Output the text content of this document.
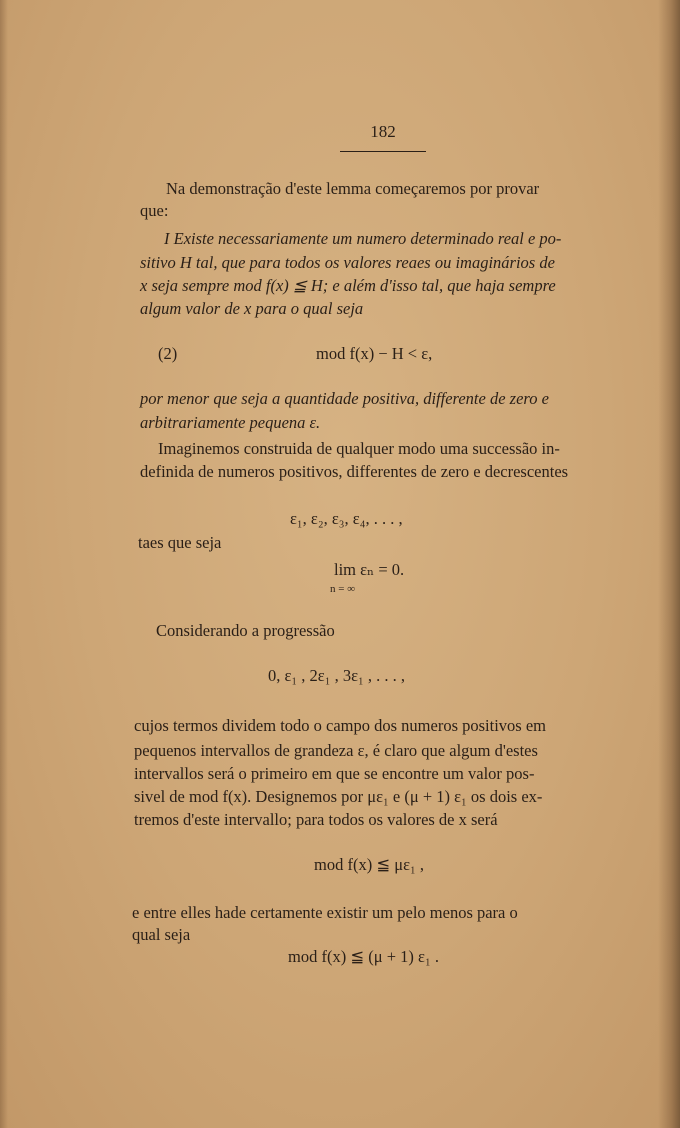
182
Na demonstração d'este lemma começaremos por provar
que:
I Existe necessariamente um numero determinado real e po-
sitivo H tal, que para todos os valores reaes ou imaginários de
x seja sempre mod f(x) ≦ H; e além d'isso tal, que haja sempre
algum valor de x para o qual seja
(2)	mod f(x) − H < ε,
por menor que seja a quantidade positiva, differente de zero e
arbitrariamente pequena ε.
Imaginemos construida de qualquer modo uma successão in-
definida de numeros positivos, differentes de zero e decrescentes
ε₁, ε₂, ε₃, ε₄, . . . ,
taes que seja
lim εₙ = 0.
n = ∞
Considerando a progressão
0, ε₁ , 2ε₁ , 3ε₁ , . . . ,
cujos termos dividem todo o campo dos numeros positivos em
pequenos intervallos de grandeza ε, é claro que algum d'estes
intervallos será o primeiro em que se encontre um valor pos-
sivel de mod f(x). Designemos por με₁ e (μ + 1) ε₁ os dois ex-
tremos d'este intervallo; para todos os valores de x será
mod f(x) ≦ με₁ ,
e entre elles hade certamente existir um pelo menos para o
qual seja
mod f(x) ≦ (μ + 1) ε₁ .
